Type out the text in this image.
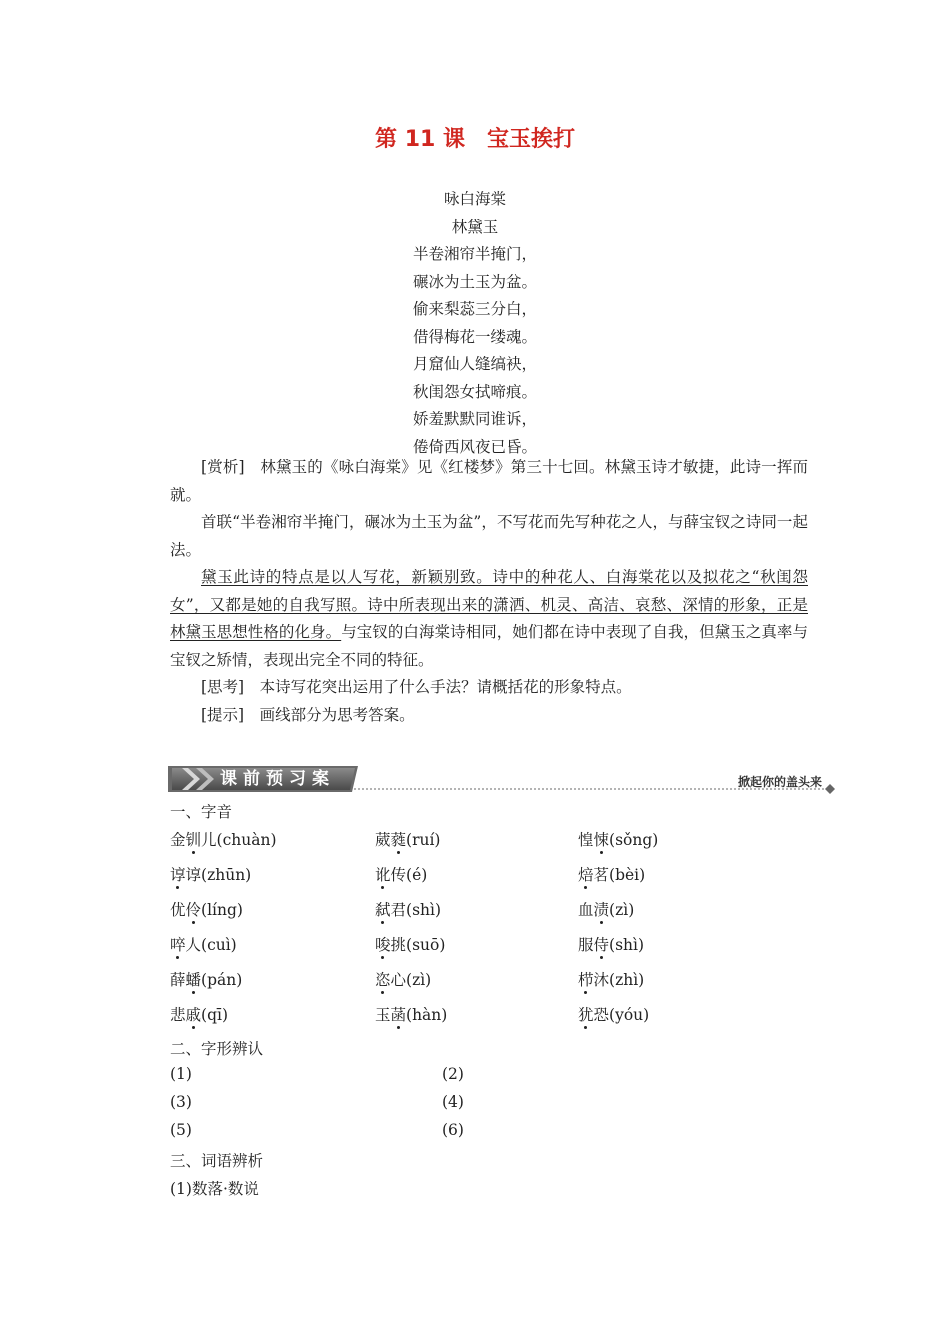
第 11 课　宝玉挨打
咏白海棠
林黛玉
半卷湘帘半掩门，
碾冰为土玉为盆。
偷来梨蕊三分白，
借得梅花一缕魂。
月窟仙人缝缟袂，
秋闺怨女拭啼痕。
娇羞默默同谁诉，
倦倚西风夜已昏。

[赏析]　林黛玉的《咏白海棠》见《红楼梦》第三十七回。林黛玉诗才敏捷，此诗一挥而就。

首联“半卷湘帘半掩门，碾冰为土玉为盆”，不写花而先写种花之人，与薛宝钗之诗同一起法。

黛玉此诗的特点是以人写花，新颖别致。诗中的种花人、白海棠花以及拟花之“秋闺怨女”，又都是她的自我写照。诗中所表现出来的潇洒、机灵、高洁、哀愁、深情的形象，正是林黛玉思想性格的化身。与宝钗的白海棠诗相同，她们都在诗中表现了自我，但黛玉之真率与宝钗之矫情，表现出完全不同的特征。

[思考]　本诗写花突出运用了什么手法？请概括花的形象特点。

[提示]　画线部分为思考答案。

课前预习案	掀起你的盖头来
一、字音
金钏儿(chuàn)	葳蕤(ruí)	惶悚(sǒng)
谆谆(zhūn)	讹传(é)	焙茗(bèi)
优伶(líng)	弑君(shì)	血渍(zì)
啐人(cuì)	唆挑(suō)	服侍(shì)
薛蟠(pán)	恣心(zì)	栉沐(zhì)
悲戚(qī)	玉菡(hàn)	犹恐(yóu)
二、字形辨认
(1)	(2)
(3)	(4)
(5)	(6)
三、词语辨析
(1)数落·数说
